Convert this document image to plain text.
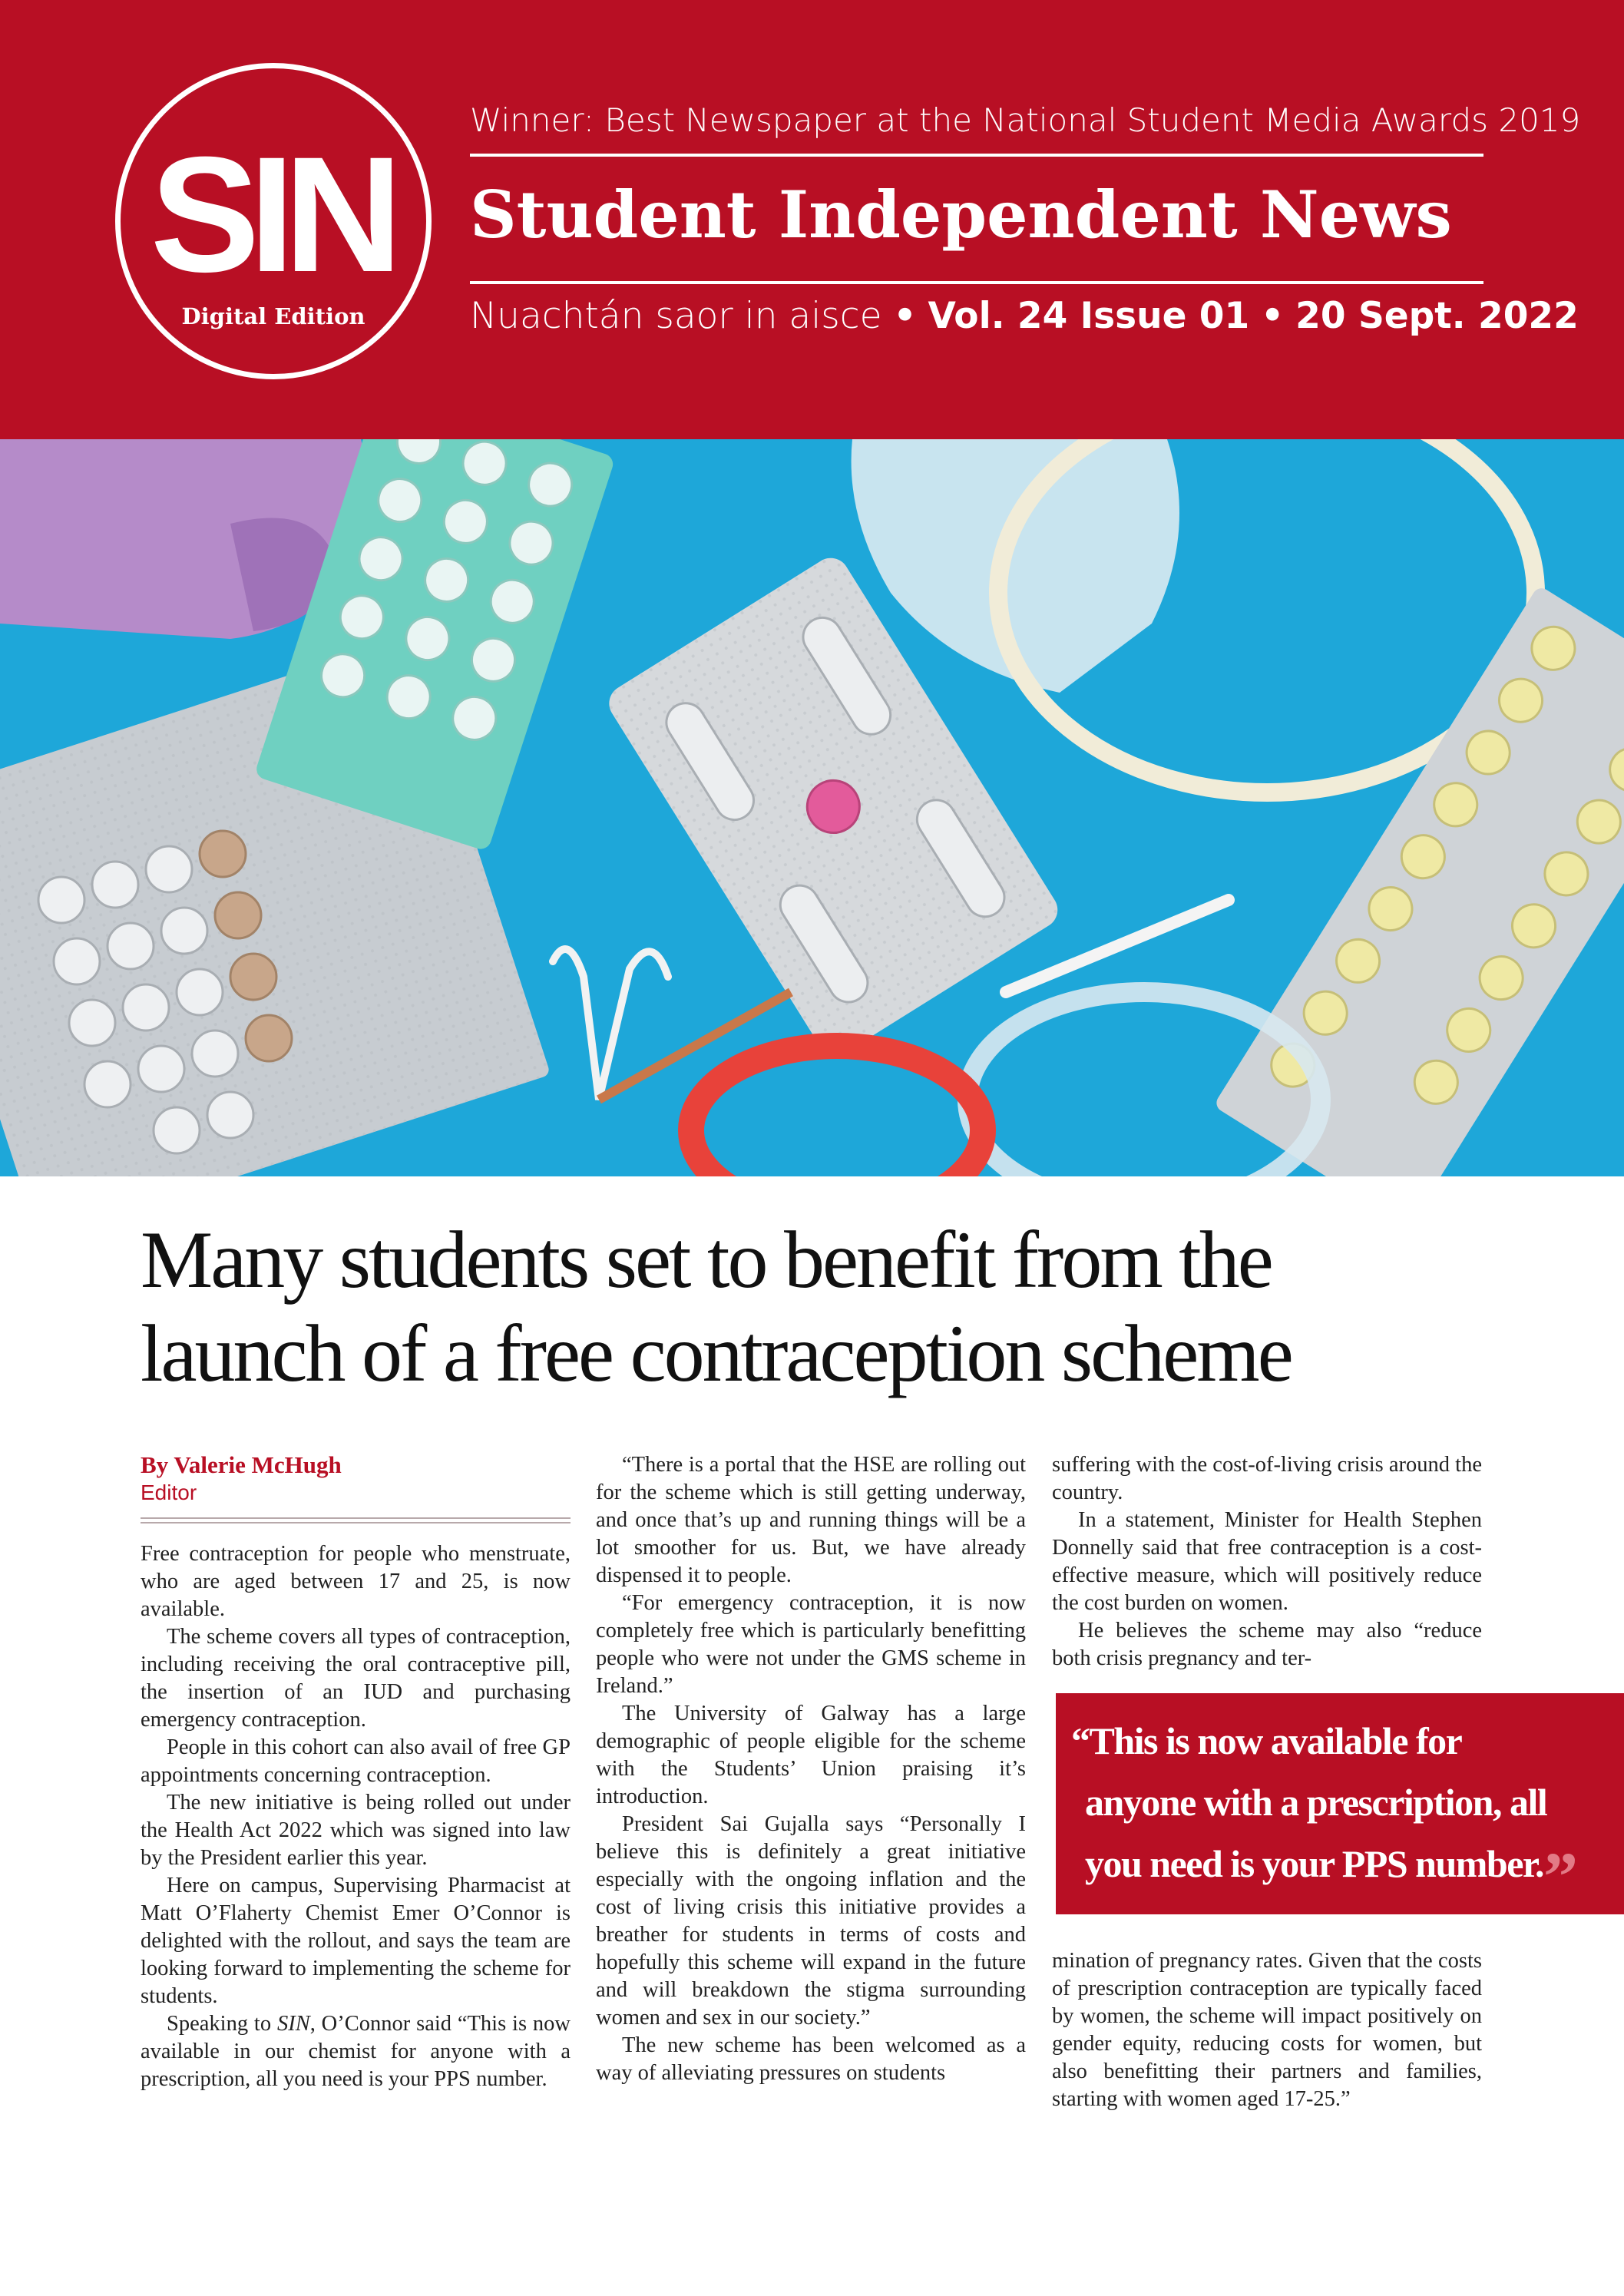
SIN
Digital Edition
Winner: Best Newspaper at the National Student Media Awards 2019
Student Independent News
Nuachtán saor in aisce • Vol. 24 Issue 01 • 20 Sept. 2022
Many students set to benefit from the
launch of a free contraception scheme
By Valerie McHugh
Editor

Free contraception for people who menstruate, who are aged between 17 and 25, is now available.

The scheme covers all types of contraception, including receiving the oral contraceptive pill, the insertion of an IUD and purchasing emergency contraception.

People in this cohort can also avail of free GP appointments concerning contraception.

The new initiative is being rolled out under the Health Act 2022 which was signed into law by the President earlier this year.

Here on campus, Supervising Pharmacist at Matt O’Flaherty Chemist Emer O’Connor is delighted with the rollout, and says the team are looking forward to implementing the scheme for students.

Speaking to SIN, O’Connor said “This is now available in our chemist for anyone with a prescription, all you need is your PPS number.

“There is a portal that the HSE are rolling out for the scheme which is still getting underway, and once that’s up and running things will be a lot smoother for us. But, we have already dispensed it to people.

“For emergency contraception, it is now completely free which is particularly benefitting people who were not under the GMS scheme in Ireland.”

The University of Galway has a large demographic of people eligible for the scheme with the Students’ Union praising it’s introduction.

President Sai Gujalla says “Personally I believe this is definitely a great initiative especially with the ongoing inflation and the cost of living crisis this initiative provides a breather for students in terms of costs and hopefully this scheme will expand in the future and will breakdown the stigma surrounding women and sex in our society.”

The new scheme has been welcomed as a way of alleviating pressures on students

suffering with the cost-of-living crisis around the country.

In a statement, Minister for Health Stephen Donnelly said that free contraception is a cost-effective measure, which will positively reduce the cost burden on women.

He believes the scheme may also “reduce both crisis pregnancy and ter-

“This is now available for
anyone with a prescription, all
you need is your PPS number.”

mination of pregnancy rates. Given that the costs of prescription contraception are typically faced by women, the scheme will impact positively on gender equity, reducing costs for women, but also benefitting their partners and families, starting with women aged 17-25.”
